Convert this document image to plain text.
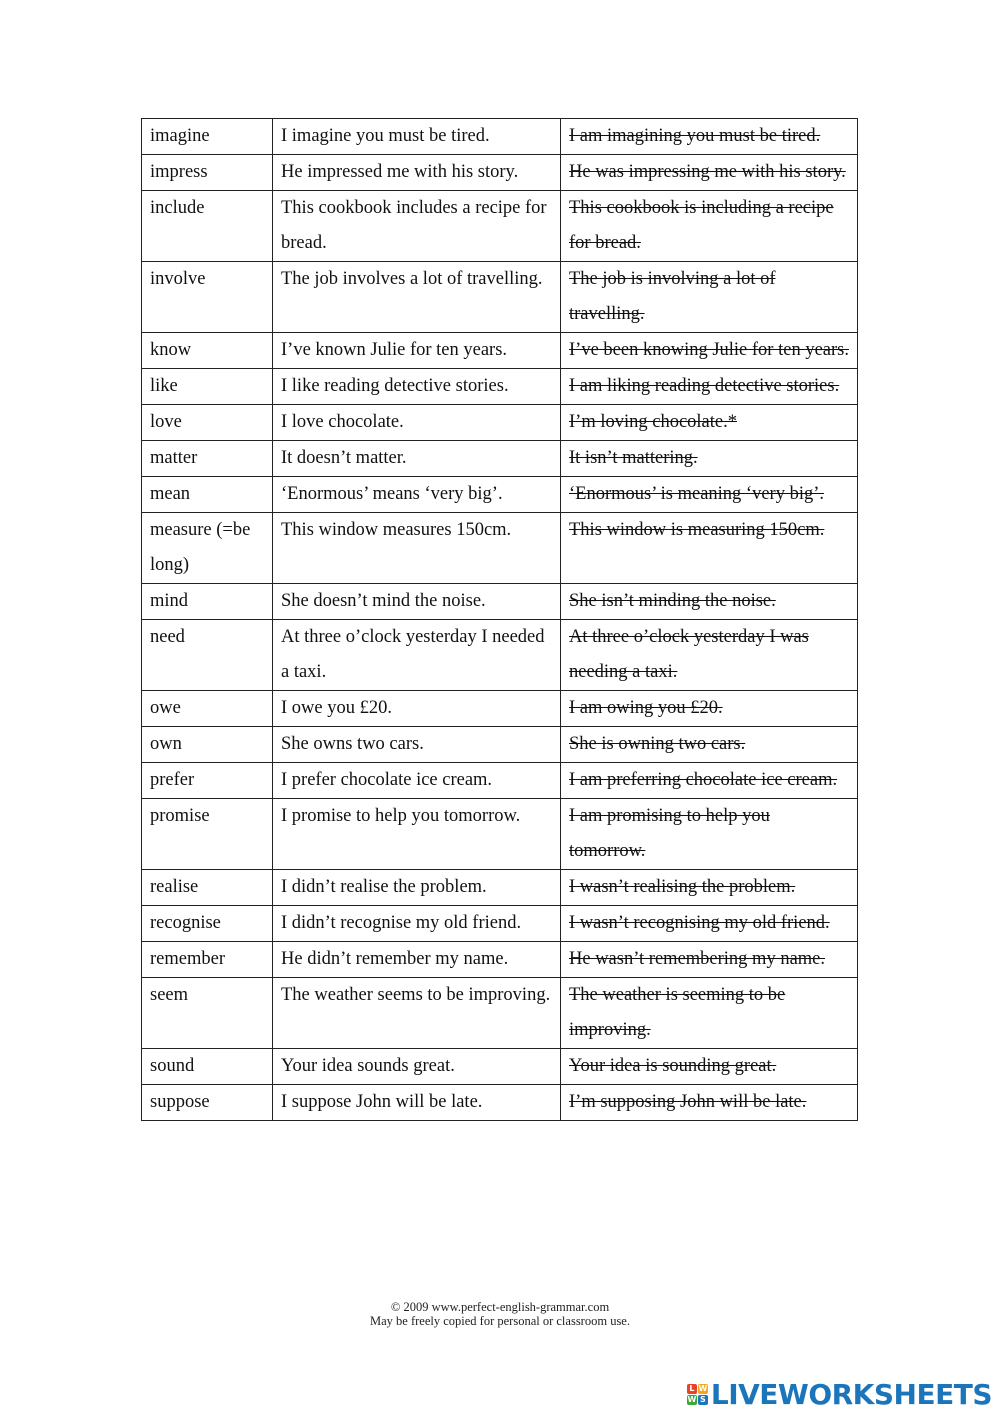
imagine	I imagine you must be tired.	I am imagining you must be tired.
impress	He impressed me with his story.	He was impressing me with his story.
include	This cookbook includes a recipe for bread.	This cookbook is including a recipe for bread.
involve	The job involves a lot of travelling.	The job is involving a lot of travelling.
know	I’ve known Julie for ten years.	I’ve been knowing Julie for ten years.
like	I like reading detective stories.	I am liking reading detective stories.
love	I love chocolate.	I’m loving chocolate.*
matter	It doesn’t matter.	It isn’t mattering.
mean	‘Enormous’ means ‘very big’.	‘Enormous’ is meaning ‘very big’.
measure (=be long)	This window measures 150cm.	This window is measuring 150cm.
mind	She doesn’t mind the noise.	She isn’t minding the noise.
need	At three o’clock yesterday I needed a taxi.	At three o’clock yesterday I was needing a taxi.
owe	I owe you £20.	I am owing you £20.
own	She owns two cars.	She is owning two cars.
prefer	I prefer chocolate ice cream.	I am preferring chocolate ice cream.
promise	I promise to help you tomorrow.	I am promising to help you tomorrow.
realise	I didn’t realise the problem.	I wasn’t realising the problem.
recognise	I didn’t recognise my old friend.	I wasn’t recognising my old friend.
remember	He didn’t remember my name.	He wasn’t remembering my name.
seem	The weather seems to be improving.	The weather is seeming to be improving.
sound	Your idea sounds great.	Your idea is sounding great.
suppose	I suppose John will be late.	I’m supposing John will be late.
© 2009 www.perfect-english-grammar.com
May be freely copied for personal or classroom use.
L W
W S LIVEWORKSHEETS
